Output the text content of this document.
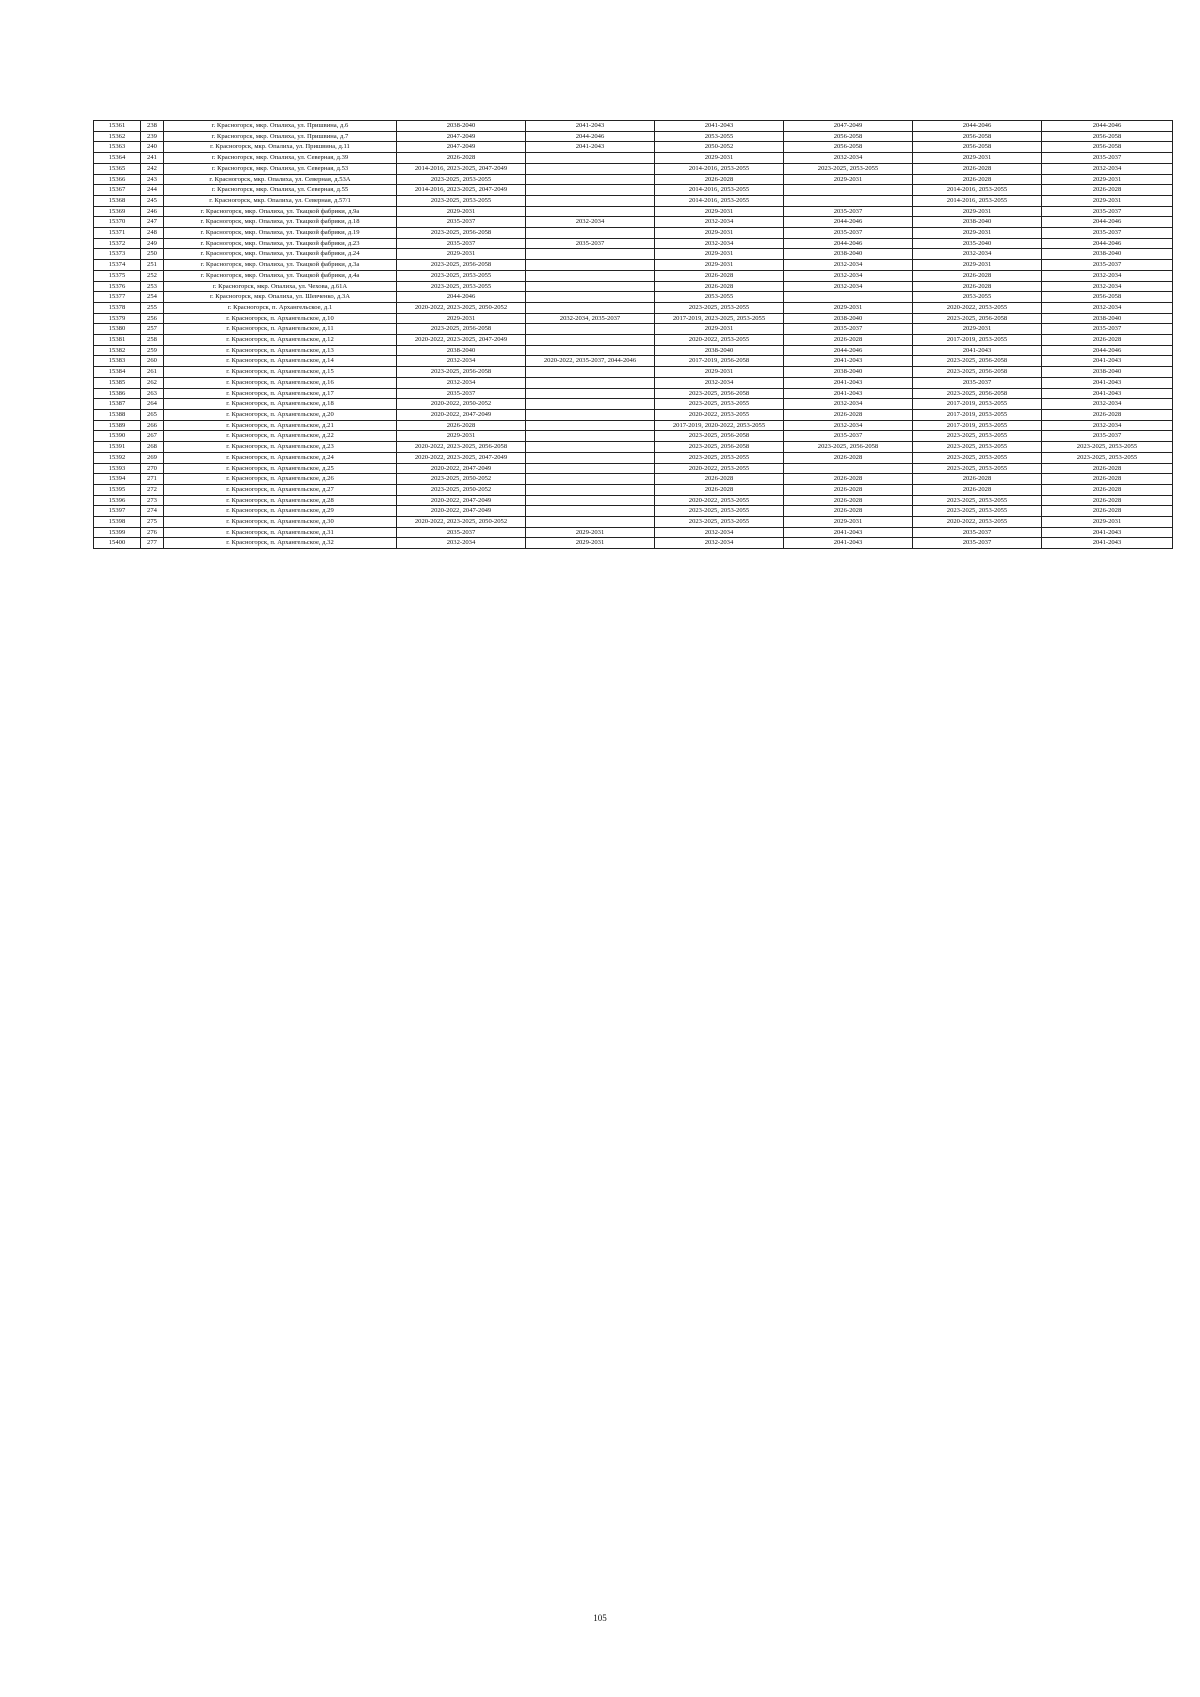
15361	238	г. Красногорск, мкр. Опалиха, ул. Пришвина, д.6	2038-2040	2041-2043	2041-2043	2047-2049	2044-2046	2044-2046
15362	239	г. Красногорск, мкр. Опалиха, ул. Пришвина, д.7	2047-2049	2044-2046	2053-2055	2056-2058	2056-2058	2056-2058
15363	240	г. Красногорск, мкр. Опалиха, ул. Пришвина, д.11	2047-2049	2041-2043	2050-2052	2056-2058	2056-2058	2056-2058
15364	241	г. Красногорск, мкр. Опалиха, ул. Северная, д.39	2026-2028		2029-2031	2032-2034	2029-2031	2035-2037
15365	242	г. Красногорск, мкр. Опалиха, ул. Северная, д.53	2014-2016, 2023-2025, 2047-2049		2014-2016, 2053-2055	2023-2025, 2053-2055	2026-2028	2032-2034
15366	243	г. Красногорск, мкр. Опалиха, ул. Северная, д.53А	2023-2025, 2053-2055		2026-2028	2029-2031	2026-2028	2029-2031
15367	244	г. Красногорск, мкр. Опалиха, ул. Северная, д.55	2014-2016, 2023-2025, 2047-2049		2014-2016, 2053-2055		2014-2016, 2053-2055	2026-2028
15368	245	г. Красногорск, мкр. Опалиха, ул. Северная, д.57/1	2023-2025, 2053-2055		2014-2016, 2053-2055		2014-2016, 2053-2055	2029-2031
15369	246	г. Красногорск, мкр. Опалиха, ул. Ткацкой фабрики, д.9а	2029-2031		2029-2031	2035-2037	2029-2031	2035-2037
15370	247	г. Красногорск, мкр. Опалиха, ул. Ткацкой фабрики, д.18	2035-2037	2032-2034	2032-2034	2044-2046	2038-2040	2044-2046
15371	248	г. Красногорск, мкр. Опалиха, ул. Ткацкой фабрики, д.19	2023-2025, 2056-2058		2029-2031	2035-2037	2029-2031	2035-2037
15372	249	г. Красногорск, мкр. Опалиха, ул. Ткацкой фабрики, д.23	2035-2037	2035-2037	2032-2034	2044-2046	2035-2040	2044-2046
15373	250	г. Красногорск, мкр. Опалиха, ул. Ткацкой фабрики, д.24	2029-2031		2029-2031	2038-2040	2032-2034	2038-2040
15374	251	г. Красногорск, мкр. Опалиха, ул. Ткацкой фабрики, д.3а	2023-2025, 2056-2058		2029-2031	2032-2034	2029-2031	2035-2037
15375	252	г. Красногорск, мкр. Опалиха, ул. Ткацкой фабрики, д.4а	2023-2025, 2053-2055		2026-2028	2032-2034	2026-2028	2032-2034
15376	253	г. Красногорск, мкр. Опалиха, ул. Чехова, д.61А	2023-2025, 2053-2055		2026-2028	2032-2034	2026-2028	2032-2034
15377	254	г. Красногорск, мкр. Опалиха, ул. Шевченко, д.3А	2044-2046		2053-2055		2053-2055	2056-2058
15378	255	г. Красногорск, п. Архангельское, д.1	2020-2022, 2023-2025, 2050-2052		2023-2025, 2053-2055	2029-2031	2020-2022, 2053-2055	2032-2034
15379	256	г. Красногорск, п. Архангельское, д.10	2029-2031	2032-2034, 2035-2037	2017-2019, 2023-2025, 2053-2055	2038-2040	2023-2025, 2056-2058	2038-2040
15380	257	г. Красногорск, п. Архангельское, д.11	2023-2025, 2056-2058		2029-2031	2035-2037	2029-2031	2035-2037
15381	258	г. Красногорск, п. Архангельское, д.12	2020-2022, 2023-2025, 2047-2049		2020-2022, 2053-2055	2026-2028	2017-2019, 2053-2055	2026-2028
15382	259	г. Красногорск, п. Архангельское, д.13	2038-2040		2038-2040	2044-2046	2041-2043	2044-2046
15383	260	г. Красногорск, п. Архангельское, д.14	2032-2034	2020-2022, 2035-2037, 2044-2046	2017-2019, 2056-2058	2041-2043	2023-2025, 2056-2058	2041-2043
15384	261	г. Красногорск, п. Архангельское, д.15	2023-2025, 2056-2058		2029-2031	2038-2040	2023-2025, 2056-2058	2038-2040
15385	262	г. Красногорск, п. Архангельское, д.16	2032-2034		2032-2034	2041-2043	2035-2037	2041-2043
15386	263	г. Красногорск, п. Архангельское, д.17	2035-2037		2023-2025, 2056-2058	2041-2043	2023-2025, 2056-2058	2041-2043
15387	264	г. Красногорск, п. Архангельское, д.18	2020-2022, 2050-2052		2023-2025, 2053-2055	2032-2034	2017-2019, 2053-2055	2032-2034
15388	265	г. Красногорск, п. Архангельское, д.20	2020-2022, 2047-2049		2020-2022, 2053-2055	2026-2028	2017-2019, 2053-2055	2026-2028
15389	266	г. Красногорск, п. Архангельское, д.21	2026-2028		2017-2019, 2020-2022, 2053-2055	2032-2034	2017-2019, 2053-2055	2032-2034
15390	267	г. Красногорск, п. Архангельское, д.22	2029-2031		2023-2025, 2056-2058	2035-2037	2023-2025, 2053-2055	2035-2037
15391	268	г. Красногорск, п. Архангельское, д.23	2020-2022, 2023-2025, 2056-2058		2023-2025, 2056-2058	2023-2025, 2056-2058	2023-2025, 2053-2055	2023-2025, 2053-2055
15392	269	г. Красногорск, п. Архангельское, д.24	2020-2022, 2023-2025, 2047-2049		2023-2025, 2053-2055	2026-2028	2023-2025, 2053-2055	2023-2025, 2053-2055
15393	270	г. Красногорск, п. Архангельское, д.25	2020-2022, 2047-2049		2020-2022, 2053-2055		2023-2025, 2053-2055	2026-2028
15394	271	г. Красногорск, п. Архангельское, д.26	2023-2025, 2050-2052		2026-2028	2026-2028	2026-2028	2026-2028
15395	272	г. Красногорск, п. Архангельское, д.27	2023-2025, 2050-2052		2026-2028	2026-2028	2026-2028	2026-2028
15396	273	г. Красногорск, п. Архангельское, д.28	2020-2022, 2047-2049		2020-2022, 2053-2055	2026-2028	2023-2025, 2053-2055	2026-2028
15397	274	г. Красногорск, п. Архангельское, д.29	2020-2022, 2047-2049		2023-2025, 2053-2055	2026-2028	2023-2025, 2053-2055	2026-2028
15398	275	г. Красногорск, п. Архангельское, д.30	2020-2022, 2023-2025, 2050-2052		2023-2025, 2053-2055	2029-2031	2020-2022, 2053-2055	2029-2031
15399	276	г. Красногорск, п. Архангельское, д.31	2035-2037	2029-2031	2032-2034	2041-2043	2035-2037	2041-2043
15400	277	г. Красногорск, п. Архангельское, д.32	2032-2034	2029-2031	2032-2034	2041-2043	2035-2037	2041-2043
105
